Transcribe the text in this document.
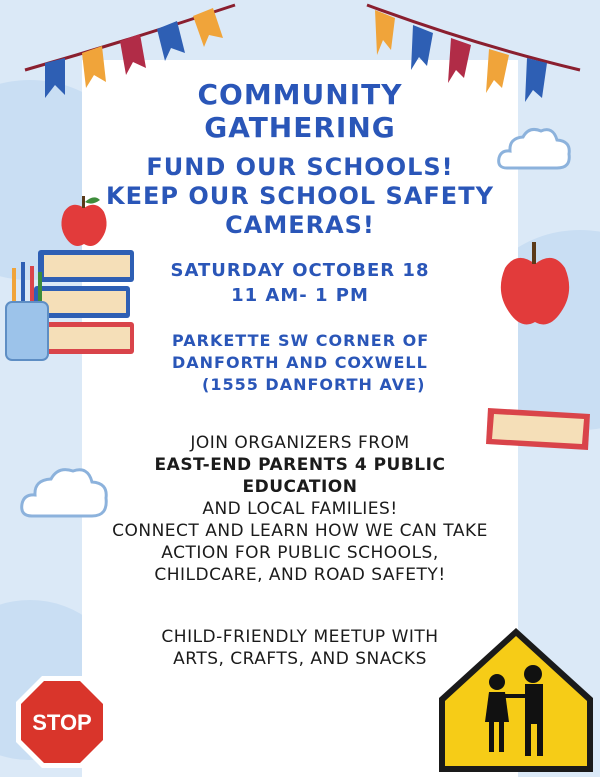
COMMUNITY
GATHERING
FUND OUR SCHOOLS!
KEEP OUR SCHOOL SAFETY
CAMERAS!
SATURDAY OCTOBER 18
11 AM- 1 PM
PARKETTE SW CORNER OF
DANFORTH AND COXWELL
(1555 DANFORTH AVE)
JOIN ORGANIZERS FROM
EAST-END PARENTS 4 PUBLIC EDUCATION
AND LOCAL FAMILIES!
CONNECT AND LEARN HOW WE CAN TAKE ACTION FOR PUBLIC SCHOOLS, CHILDCARE, AND ROAD SAFETY!
CHILD-FRIENDLY MEETUP WITH
ARTS, CRAFTS, AND SNACKS
STOP
